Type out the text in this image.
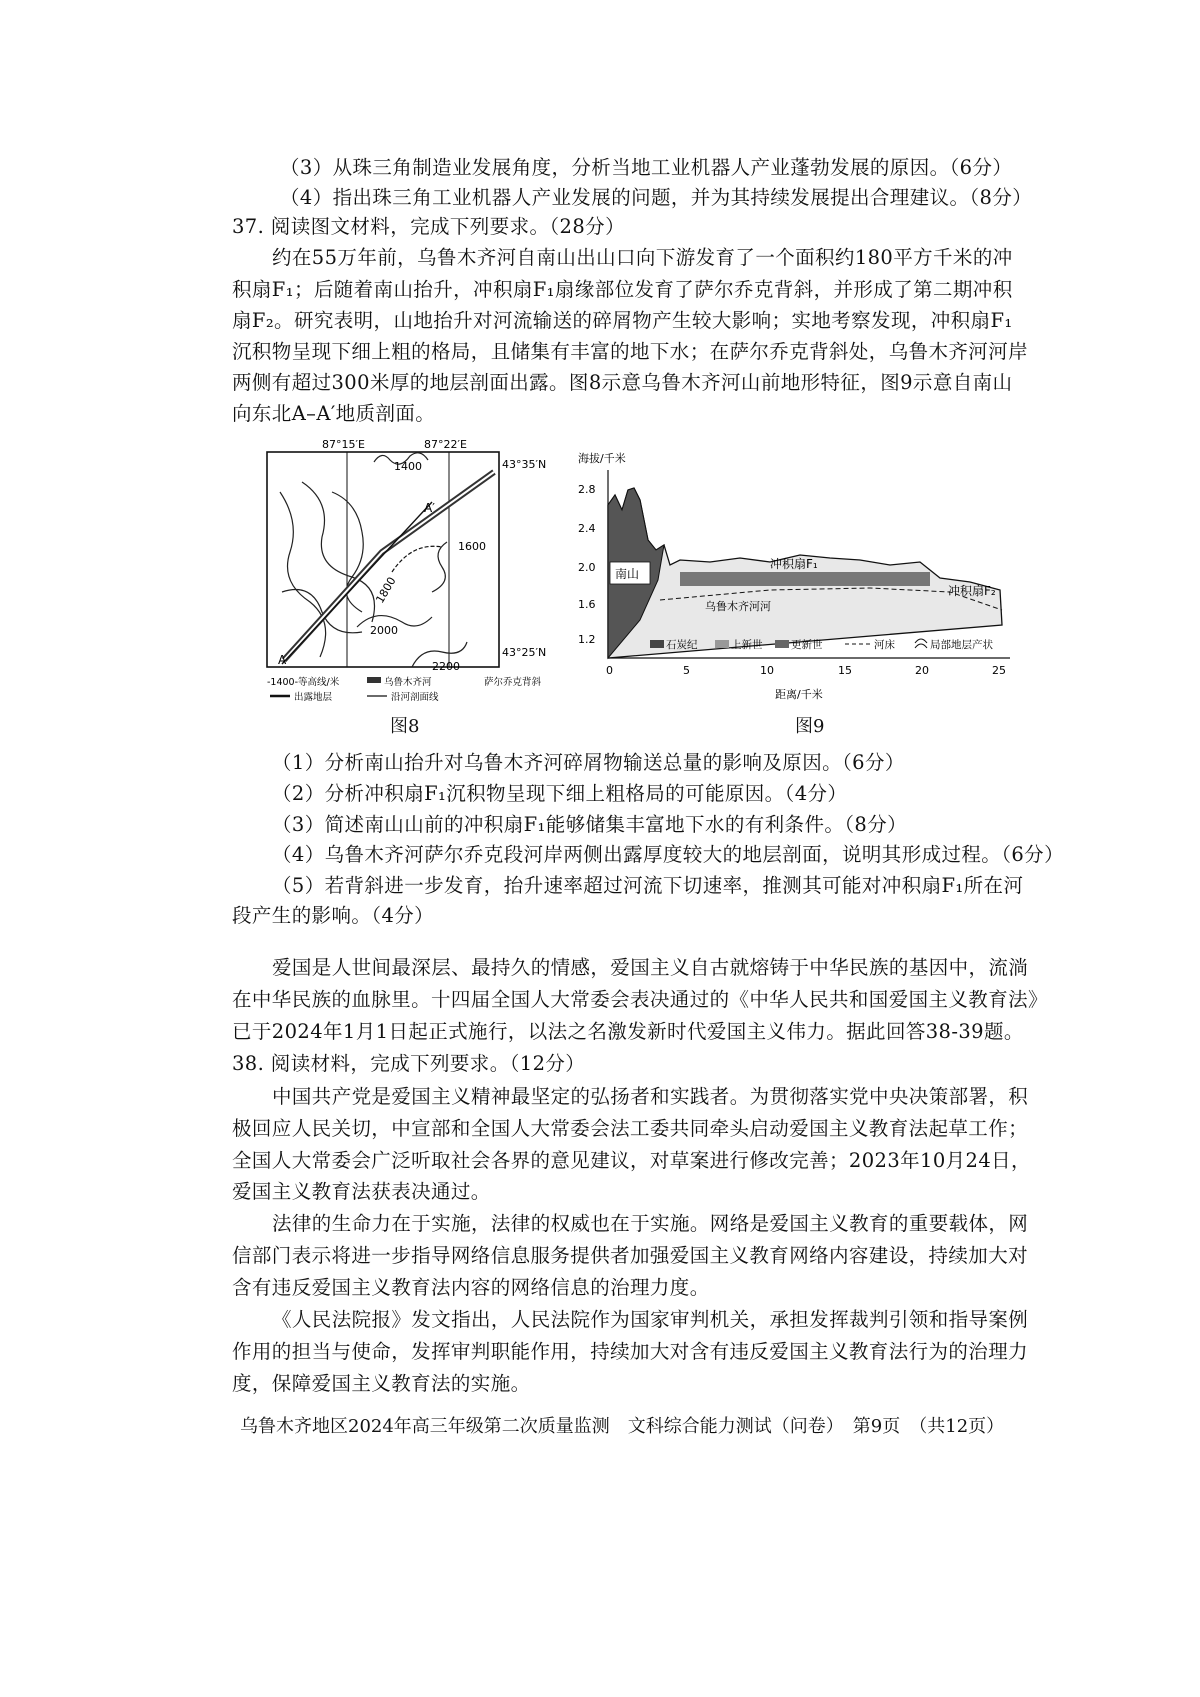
（3）从珠三角制造业发展角度，分析当地工业机器人产业蓬勃发展的原因。（6分）
（4）指出珠三角工业机器人产业发展的问题，并为其持续发展提出合理建议。（8分）
37. 阅读图文材料，完成下列要求。（28分）
约在55万年前，乌鲁木齐河自南山出山口向下游发育了一个面积约180平方千米的冲
积扇F₁；后随着南山抬升，冲积扇F₁扇缘部位发育了萨尔乔克背斜，并形成了第二期冲积
扇F₂。研究表明，山地抬升对河流输送的碎屑物产生较大影响；实地考察发现，冲积扇F₁
沉积物呈现下细上粗的格局，且储集有丰富的地下水；在萨尔乔克背斜处，乌鲁木齐河河岸
两侧有超过300米厚的地层剖面出露。图8示意乌鲁木齐河山前地形特征，图9示意自南山
向东北A–A′地质剖面。
87°15′E	87°22′E
43°35′N
43°25′N
A
A′
1400
1600
1800
2000
2200
-1400-等高线/米	乌鲁木齐河	萨尔乔克背斜
出露地层	沿河剖面线
图8
海拔/千米
2.8
2.4
2.0
1.6
1.2
0	5	10	15	20	25
距离/千米
南山
冲积扇F₁
冲积扇F₂
乌鲁木齐河河
石炭纪	上新世	更新世	河床	局部地层产状
图9
（1）分析南山抬升对乌鲁木齐河碎屑物输送总量的影响及原因。（6分）
（2）分析冲积扇F₁沉积物呈现下细上粗格局的可能原因。（4分）
（3）简述南山山前的冲积扇F₁能够储集丰富地下水的有利条件。（8分）
（4）乌鲁木齐河萨尔乔克段河岸两侧出露厚度较大的地层剖面，说明其形成过程。（6分）
（5）若背斜进一步发育，抬升速率超过河流下切速率，推测其可能对冲积扇F₁所在河
段产生的影响。（4分）
爱国是人世间最深层、最持久的情感，爱国主义自古就熔铸于中华民族的基因中，流淌
在中华民族的血脉里。十四届全国人大常委会表决通过的《中华人民共和国爱国主义教育法》
已于2024年1月1日起正式施行，以法之名激发新时代爱国主义伟力。据此回答38-39题。
38. 阅读材料，完成下列要求。（12分）
中国共产党是爱国主义精神最坚定的弘扬者和实践者。为贯彻落实党中央决策部署，积
极回应人民关切，中宣部和全国人大常委会法工委共同牵头启动爱国主义教育法起草工作；
全国人大常委会广泛听取社会各界的意见建议，对草案进行修改完善；2023年10月24日，
爱国主义教育法获表决通过。
法律的生命力在于实施，法律的权威也在于实施。网络是爱国主义教育的重要载体，网
信部门表示将进一步指导网络信息服务提供者加强爱国主义教育网络内容建设，持续加大对
含有违反爱国主义教育法内容的网络信息的治理力度。
《人民法院报》发文指出，人民法院作为国家审判机关，承担发挥裁判引领和指导案例
作用的担当与使命，发挥审判职能作用，持续加大对含有违反爱国主义教育法行为的治理力
度，保障爱国主义教育法的实施。
乌鲁木齐地区2024年高三年级第二次质量监测　文科综合能力测试（问卷）　第9页　（共12页）
